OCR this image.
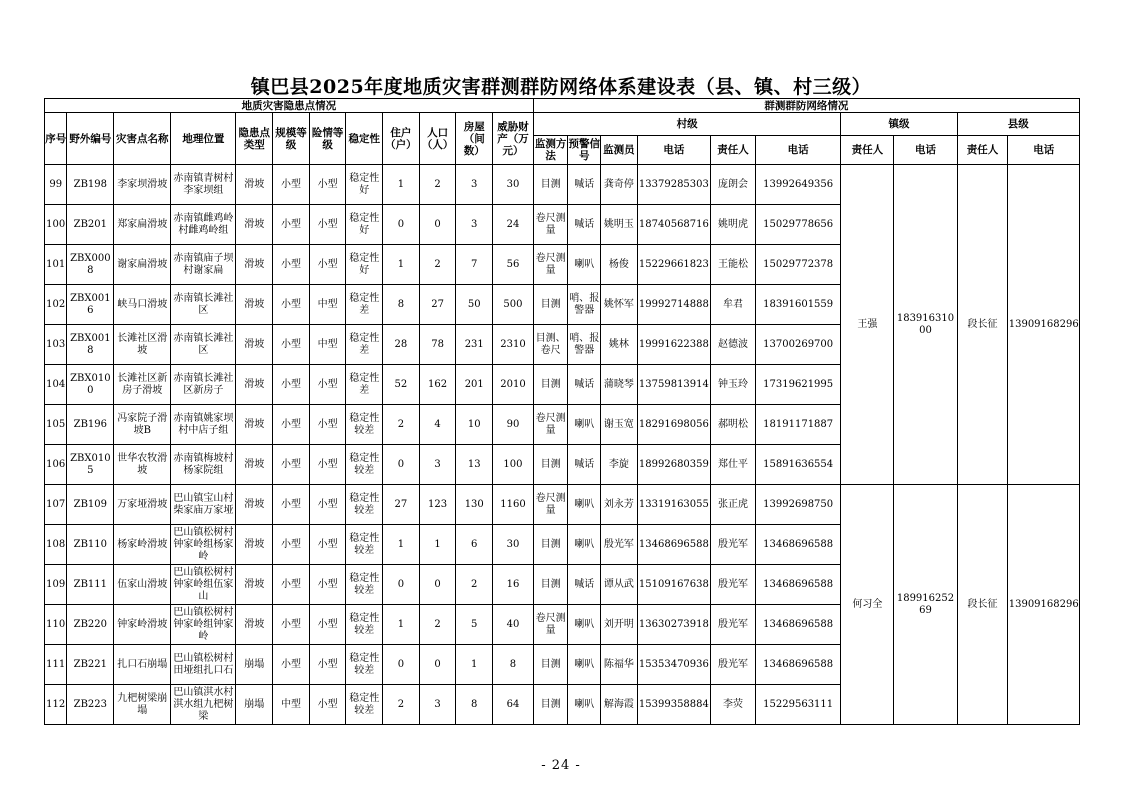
镇巴县2025年度地质灾害群测群防网络体系建设表（县、镇、村三级）
地质灾害隐患点情况												群测群防网络情况									
序号	野外编号	灾害点名称	地理位置	隐患点类型	规模等级	险情等级	稳定性	住户（户）	人口（人）	房屋（间数）	威胁财产（万元）	村级						镇级		县级	
												监测方法	预警信号	监测员	电话	责任人	电话	责任人	电话	责任人	电话
99	ZB198	李家坝滑坡	赤南镇青树村李家坝组	滑坡	小型	小型	稳定性好	1	2	3	30	目测	喊话	龚奇停	13379285303	庞朗会	13992649356	王强	18391631000	段长征	13909168296
100	ZB201	郑家扁滑坡	赤南镇雌鸡岭村雌鸡岭组	滑坡	小型	小型	稳定性好	0	0	3	24	卷尺测量	喊话	姚明玉	18740568716	姚明虎	15029778656				
101	ZBX0008	谢家扁滑坡	赤南镇庙子坝村谢家扁	滑坡	小型	小型	稳定性好	1	2	7	56	卷尺测量	喇叭	杨俊	15229661823	王能松	15029772378				
102	ZBX0016	峡马口滑坡	赤南镇长滩社区	滑坡	小型	中型	稳定性差	8	27	50	500	目测	哨、报警器	姚怀军	19992714888	牟君	18391601559				
103	ZBX0018	长滩社区滑坡	赤南镇长滩社区	滑坡	小型	中型	稳定性差	28	78	231	2310	目测、卷尺	哨、报警器	姚林	19991622388	赵德波	13700269700				
104	ZBX0100	长滩社区新房子滑坡	赤南镇长滩社区新房子	滑坡	小型	小型	稳定性差	52	162	201	2010	目测	喊话	蒲晓琴	13759813914	钟玉玲	17319621995				
105	ZB196	冯家院子滑坡B	赤南镇姚家坝村中店子组	滑坡	小型	小型	稳定性较差	2	4	10	90	卷尺测量	喇叭	谢玉宽	18291698056	郝明松	18191171887				
106	ZBX0105	世华农牧滑坡	赤南镇梅坡村杨家院组	滑坡	小型	小型	稳定性较差	0	3	13	100	目测	喊话	李旋	18992680359	郑仕平	15891636554				
107	ZB109	万家垭滑坡	巴山镇宝山村柴家庙万家垭	滑坡	小型	小型	稳定性较差	27	123	130	1160	卷尺测量	喇叭	刘永芳	13319163055	张正虎	13992698750	何习全	18991625269	段长征	13909168296
108	ZB110	杨家岭滑坡	巴山镇松树村钟家岭组杨家岭	滑坡	小型	小型	稳定性较差	1	1	6	30	目测	喇叭	殷光军	13468696588	殷光军	13468696588				
109	ZB111	伍家山滑坡	巴山镇松树村钟家岭组伍家山	滑坡	小型	小型	稳定性较差	0	0	2	16	目测	喊话	谭从武	15109167638	殷光军	13468696588				
110	ZB220	钟家岭滑坡	巴山镇松树村钟家岭组钟家岭	滑坡	小型	小型	稳定性较差	1	2	5	40	卷尺测量	喇叭	刘开明	13630273918	殷光军	13468696588				
111	ZB221	扎口石崩塌	巴山镇松树村田垭组扎口石	崩塌	小型	小型	稳定性较差	0	0	1	8	目测	喇叭	陈福华	15353470936	殷光军	13468696588				
112	ZB223	九杷树梁崩塌	巴山镇淇水村淇水组九杷树梁	崩塌	中型	小型	稳定性较差	2	3	8	64	目测	喇叭	解海霞	15399358884	李荧	15229563111				
- 24 -
